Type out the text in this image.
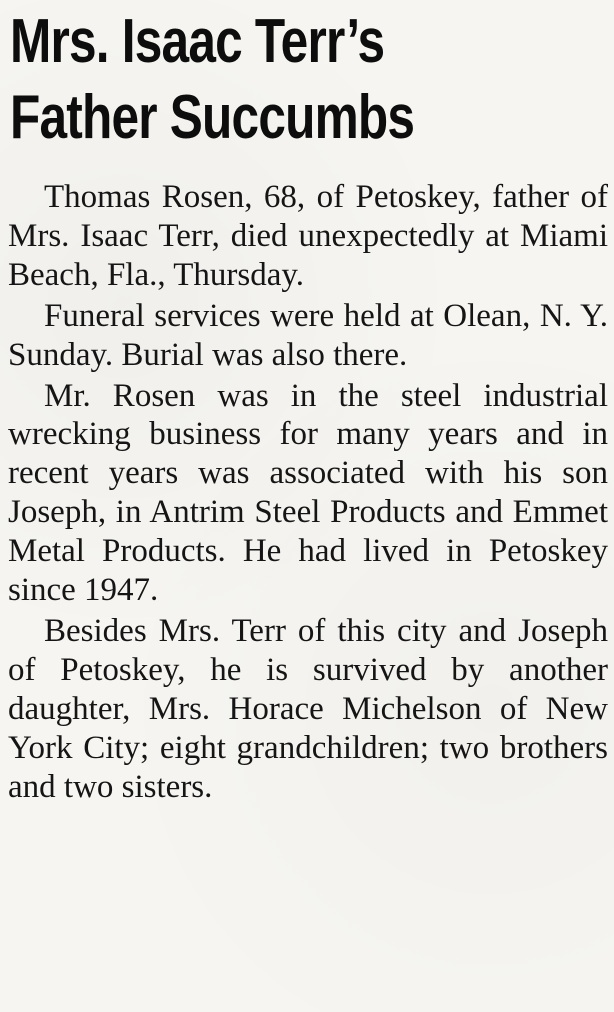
Mrs. Isaac Terr’s
Father Succumbs

Thomas Rosen, 68, of Petoskey, father of Mrs. Isaac Terr, died unexpectedly at Miami Beach, Fla., Thursday.

Funeral services were held at Olean, N. Y. Sunday. Burial was also there.

Mr. Rosen was in the steel industrial wrecking business for many years and in recent years was associated with his son Joseph, in Antrim Steel Products and Emmet Metal Products. He had lived in Petoskey since 1947.

Besides Mrs. Terr of this city and Joseph of Petoskey, he is survived by another daughter, Mrs. Horace Michelson of New York City; eight grandchildren; two brothers and two sisters.
